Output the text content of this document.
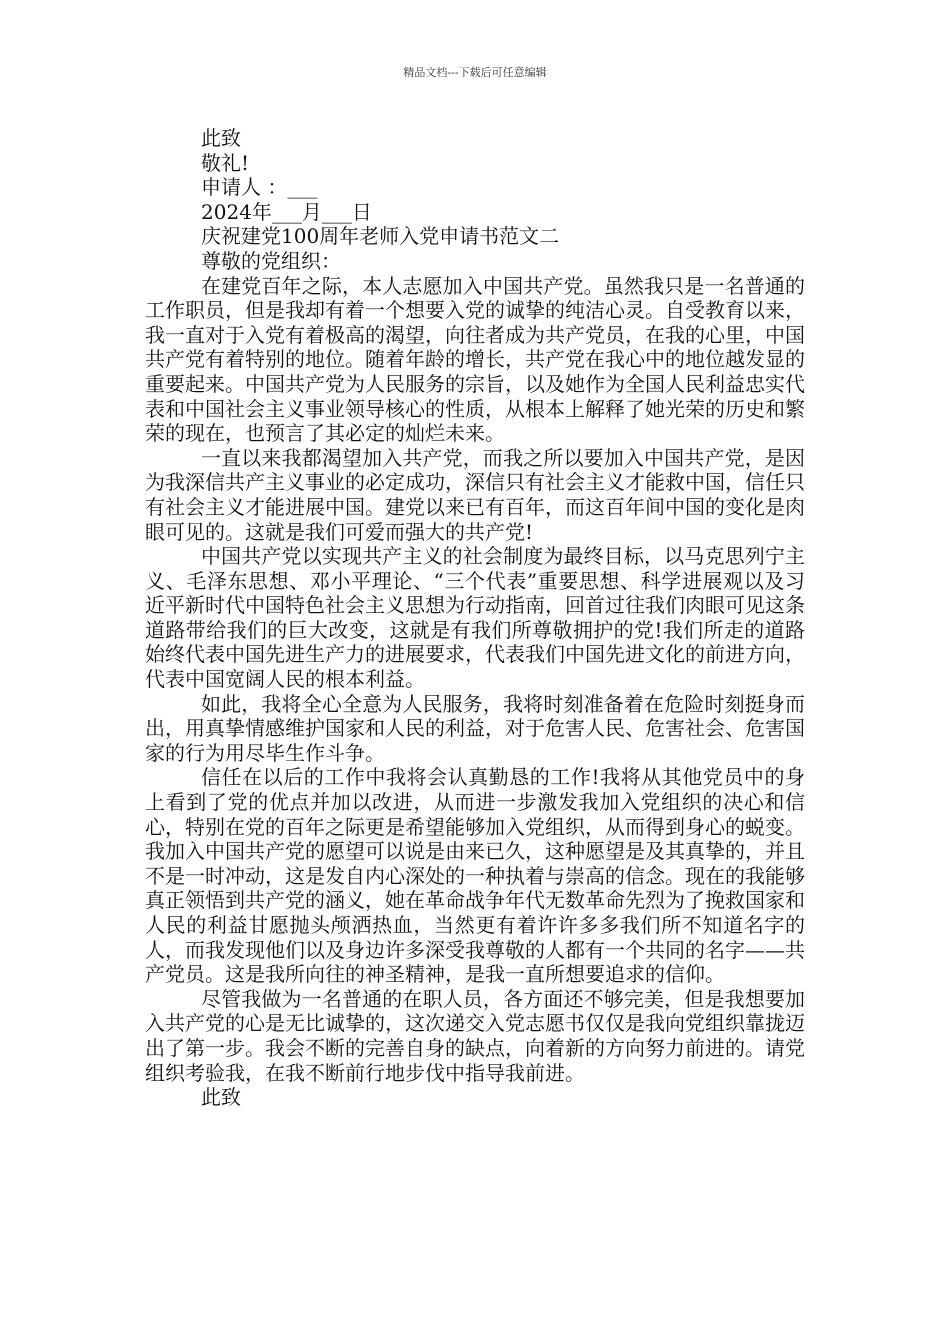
精品文档---下载后可任意编辑

此致

敬礼!

申请人 ：___

2024年___月___日

庆祝建党100周年老师入党申请书范文二

尊敬的党组织：

在建党百年之际，本人志愿加入中国共产党。虽然我只是一名普通的工作职员，但是我却有着一个想要入党的诚挚的纯洁心灵。自受教育以来，我一直对于入党有着极高的渴望，向往者成为共产党员，在我的心里，中国共产党有着特别的地位。随着年龄的增长，共产党在我心中的地位越发显的重要起来。中国共产党为人民服务的宗旨，以及她作为全国人民利益忠实代表和中国社会主义事业领导核心的性质，从根本上解释了她光荣的历史和繁荣的现在，也预言了其必定的灿烂未来。

一直以来我都渴望加入共产党，而我之所以要加入中国共产党，是因为我深信共产主义事业的必定成功，深信只有社会主义才能救中国，信任只有社会主义才能进展中国。建党以来已有百年，而这百年间中国的变化是肉眼可见的。这就是我们可爱而强大的共产党!

中国共产党以实现共产主义的社会制度为最终目标，以马克思列宁主义、毛泽东思想、邓小平理论、“三个代表”重要思想、科学进展观以及习近平新时代中国特色社会主义思想为行动指南，回首过往我们肉眼可见这条道路带给我们的巨大改变，这就是有我们所尊敬拥护的党!我们所走的道路始终代表中国先进生产力的进展要求，代表我们中国先进文化的前进方向，代表中国宽阔人民的根本利益。

如此，我将全心全意为人民服务，我将时刻准备着在危险时刻挺身而出，用真挚情感维护国家和人民的利益，对于危害人民、危害社会、危害国家的行为用尽毕生作斗争。

信任在以后的工作中我将会认真勤恳的工作!我将从其他党员中的身上看到了党的优点并加以改进，从而进一步激发我加入党组织的决心和信心，特别在党的百年之际更是希望能够加入党组织，从而得到身心的蜕变。我加入中国共产党的愿望可以说是由来已久，这种愿望是及其真挚的，并且不是一时冲动，这是发自内心深处的一种执着与崇高的信念。现在的我能够真正领悟到共产党的涵义，她在革命战争年代无数革命先烈为了挽救国家和人民的利益甘愿抛头颅洒热血，当然更有着许许多多我们所不知道名字的人，而我发现他们以及身边许多深受我尊敬的人都有一个共同的名字——共产党员。这是我所向往的神圣精神，是我一直所想要追求的信仰。

尽管我做为一名普通的在职人员，各方面还不够完美，但是我想要加入共产党的心是无比诚挚的，这次递交入党志愿书仅仅是我向党组织靠拢迈出了第一步。我会不断的完善自身的缺点，向着新的方向努力前进的。请党组织考验我，在我不断前行地步伐中指导我前进。

此致
